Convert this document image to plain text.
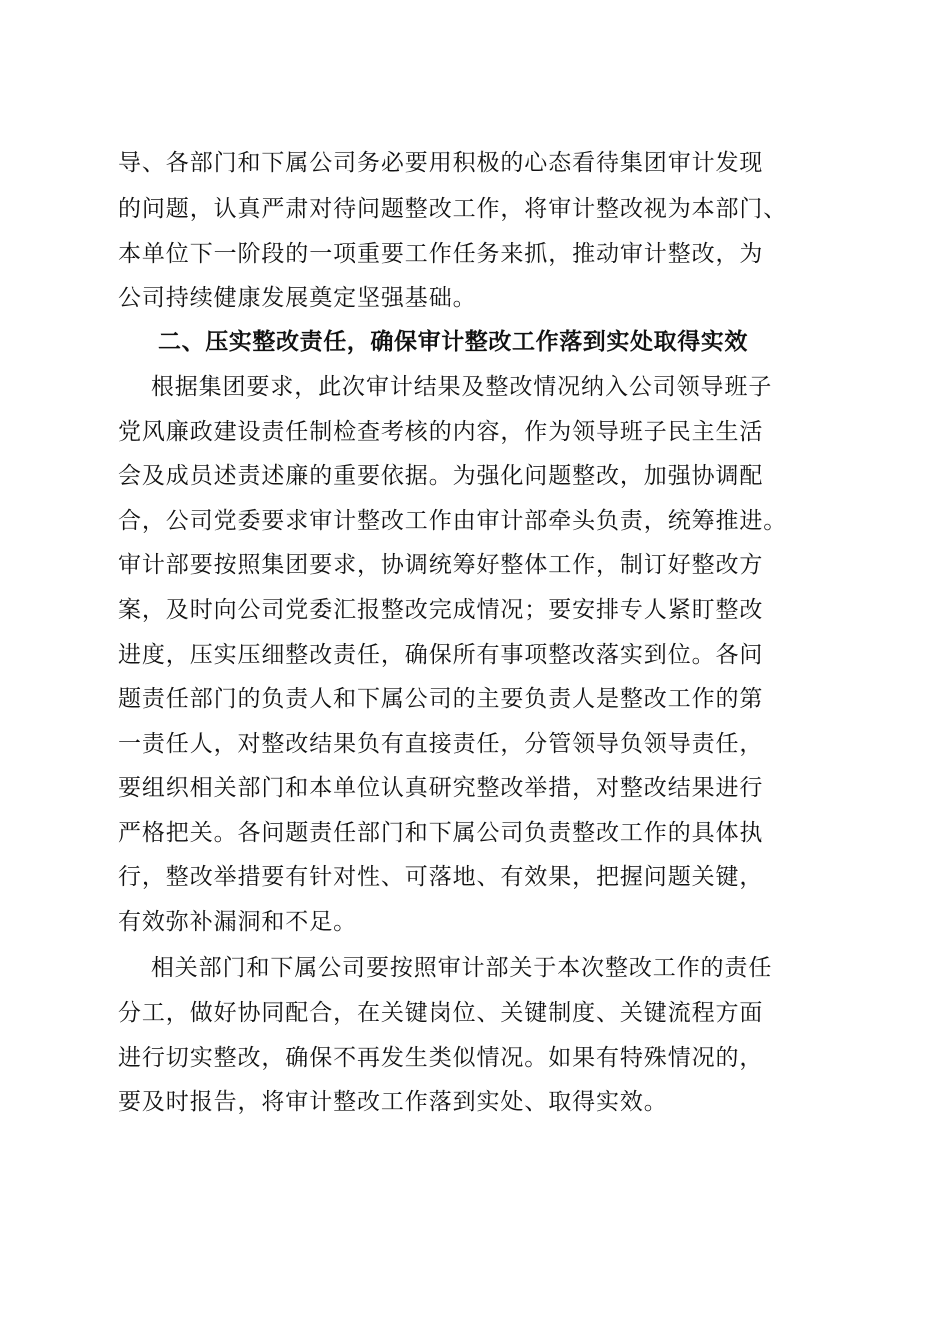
导、各部门和下属公司务必要用积极的心态看待集团审计发现
的问题，认真严肃对待问题整改工作，将审计整改视为本部门、
本单位下一阶段的一项重要工作任务来抓，推动审计整改，为
公司持续健康发展奠定坚强基础。
二、压实整改责任，确保审计整改工作落到实处取得实效
根据集团要求，此次审计结果及整改情况纳入公司领导班子
党风廉政建设责任制检查考核的内容，作为领导班子民主生活
会及成员述责述廉的重要依据。为强化问题整改，加强协调配
合，公司党委要求审计整改工作由审计部牵头负责，统筹推进。
审计部要按照集团要求，协调统筹好整体工作，制订好整改方
案，及时向公司党委汇报整改完成情况；要安排专人紧盯整改
进度，压实压细整改责任，确保所有事项整改落实到位。各问
题责任部门的负责人和下属公司的主要负责人是整改工作的第
一责任人，对整改结果负有直接责任，分管领导负领导责任，
要组织相关部门和本单位认真研究整改举措，对整改结果进行
严格把关。各问题责任部门和下属公司负责整改工作的具体执
行，整改举措要有针对性、可落地、有效果，把握问题关键，
有效弥补漏洞和不足。
相关部门和下属公司要按照审计部关于本次整改工作的责任
分工，做好协同配合，在关键岗位、关键制度、关键流程方面
进行切实整改，确保不再发生类似情况。如果有特殊情况的，
要及时报告，将审计整改工作落到实处、取得实效。
